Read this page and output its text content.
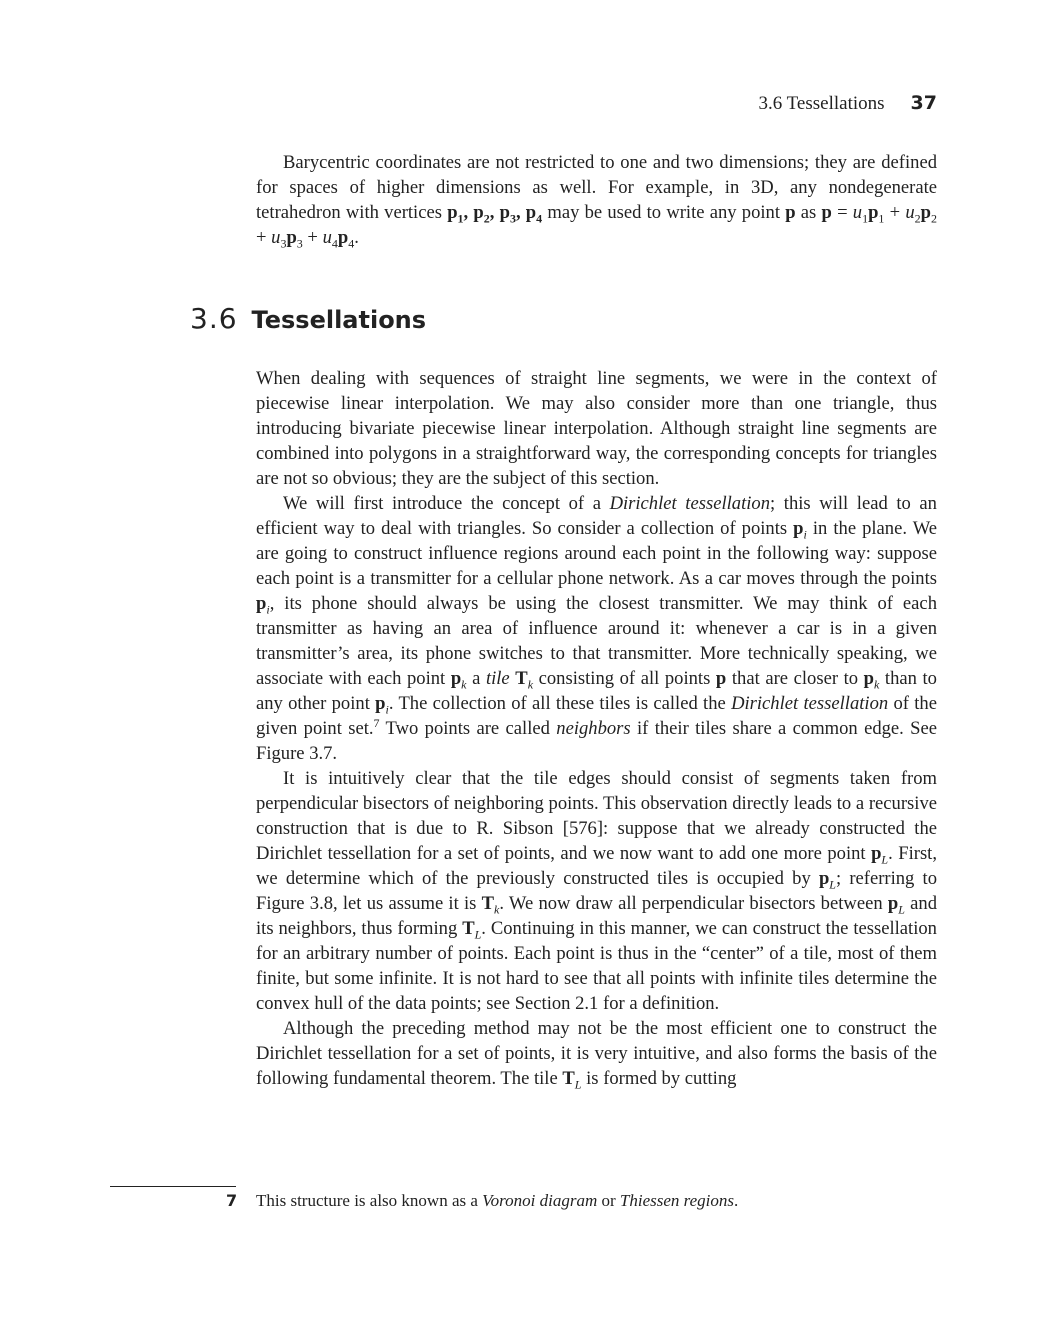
3.6 Tessellations 37

Barycentric coordinates are not restricted to one and two dimensions; they are defined for spaces of higher dimensions as well. For example, in 3D, any nondegenerate tetrahedron with vertices $p_1$, $p_2$, $p_3$, $p_4$ may be used to write any point p as $p = u_1p_1 + u_2p_2 + u_3p_3 + u_4p_4$.

3.6 Tessellations

When dealing with sequences of straight line segments, we were in the context of piecewise linear interpolation. We may also consider more than one triangle, thus introducing bivariate piecewise linear interpolation. Although straight line segments are combined into polygons in a straightforward way, the corresponding concepts for triangles are not so obvious; they are the subject of this section.

We will first introduce the concept of a Dirichlet tessellation; this will lead to an efficient way to deal with triangles. So consider a collection of points $p_i$ in the plane. We are going to construct influence regions around each point in the following way: suppose each point is a transmitter for a cellular phone network. As a car moves through the points $p_i$, its phone should always be using the closest transmitter. We may think of each transmitter as having an area of influence around it: whenever a car is in a given transmitter’s area, its phone switches to that transmitter. More technically speaking, we associate with each point $p_k$ a tile $T_k$ consisting of all points p that are closer to $p_k$ than to any other point $p_i$. The collection of all these tiles is called the Dirichlet tessellation of the given point set.$^7$ Two points are called neighbors if their tiles share a common edge. See Figure 3.7.

It is intuitively clear that the tile edges should consist of segments taken from perpendicular bisectors of neighboring points. This observation directly leads to a recursive construction that is due to R. Sibson [576]: suppose that we already constructed the Dirichlet tessellation for a set of points, and we now want to add one more point $p_L$. First, we determine which of the previously constructed tiles is occupied by $p_L$; referring to Figure 3.8, let us assume it is $T_k$. We now draw all perpendicular bisectors between $p_L$ and its neighbors, thus forming $T_L$. Continuing in this manner, we can construct the tessellation for an arbitrary number of points. Each point is thus in the “center” of a tile, most of them finite, but some infinite. It is not hard to see that all points with infinite tiles determine the convex hull of the data points; see Section 2.1 for a definition.

Although the preceding method may not be the most efficient one to construct the Dirichlet tessellation for a set of points, it is very intuitive, and also forms the basis of the following fundamental theorem. The tile $T_L$ is formed by cutting

7 This structure is also known as a Voronoi diagram or Thiessen regions.
